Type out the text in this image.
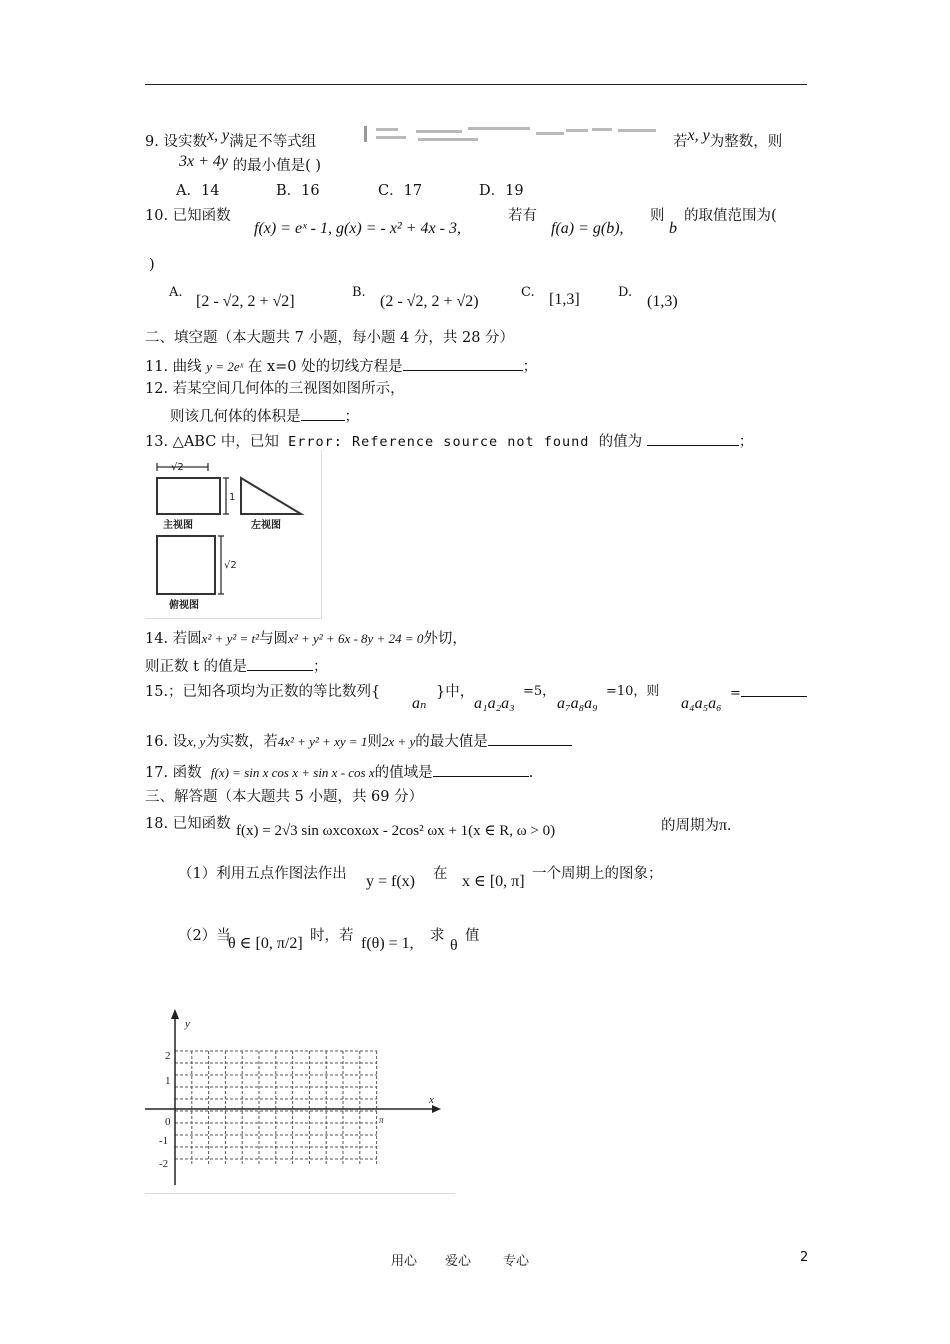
9. 设实数x, y满足不等式组	若x, y为整数，则
3x + 4y 的最小值是( )
A．14	B．16	C．17	D．19
10. 已知函数
f(x) = eˣ - 1, g(x) = - x² + 4x - 3,
若有
f(a) = g(b),
则
b
的取值范围为(
)
A.
[2 - √2, 2 + √2]
B.
(2 - √2, 2 + √2)
C. [1,3]	D.
(1,3)
二、填空题（本大题共 7 小题，每小题 4 分，共 28 分）
11. 曲线 y = 2eˣ 在 x=0 处的切线方程是	；
12. 若某空间几何体的三视图如图所示，
则该几何体的体积是	；
13. △ABC 中，已知 Error: Reference source not found 的值为	；
√2
1
√2
主视图	左视图
俯视图
14. 若圆x² + y² = t²与圆x² + y² + 6x - 8y + 24 = 0外切，
则正数 t 的值是	；
15.；已知各项均为正数的等比数列{
aₙ
}中，
a₁a₂a₃
=5，
a₇a₈a₉
=10，则
a₄a₅a₆
=
16. 设x, y为实数，若4x² + y² + xy = 1则2x + y的最大值是
17. 函数 f(x) = sin x cos x + sin x - cos x的值域是	.
三、解答题（本大题共 5 小题，共 69 分）
18. 已知函数 f(x) = 2√3 sin ωxcoxωx - 2cos² ωx + 1(x ∈ R, ω > 0)	的周期为π.
（1）利用五点作图法作出 y = f(x) 在 x ∈ [0, π] 一个周期上的图象；
（2）当
θ ∈ [0, π/2] 时，若 f(θ) = 1, 求
θ
值
y
x
2
1
0
-1
-2
π
用心 爱心 专心	2
